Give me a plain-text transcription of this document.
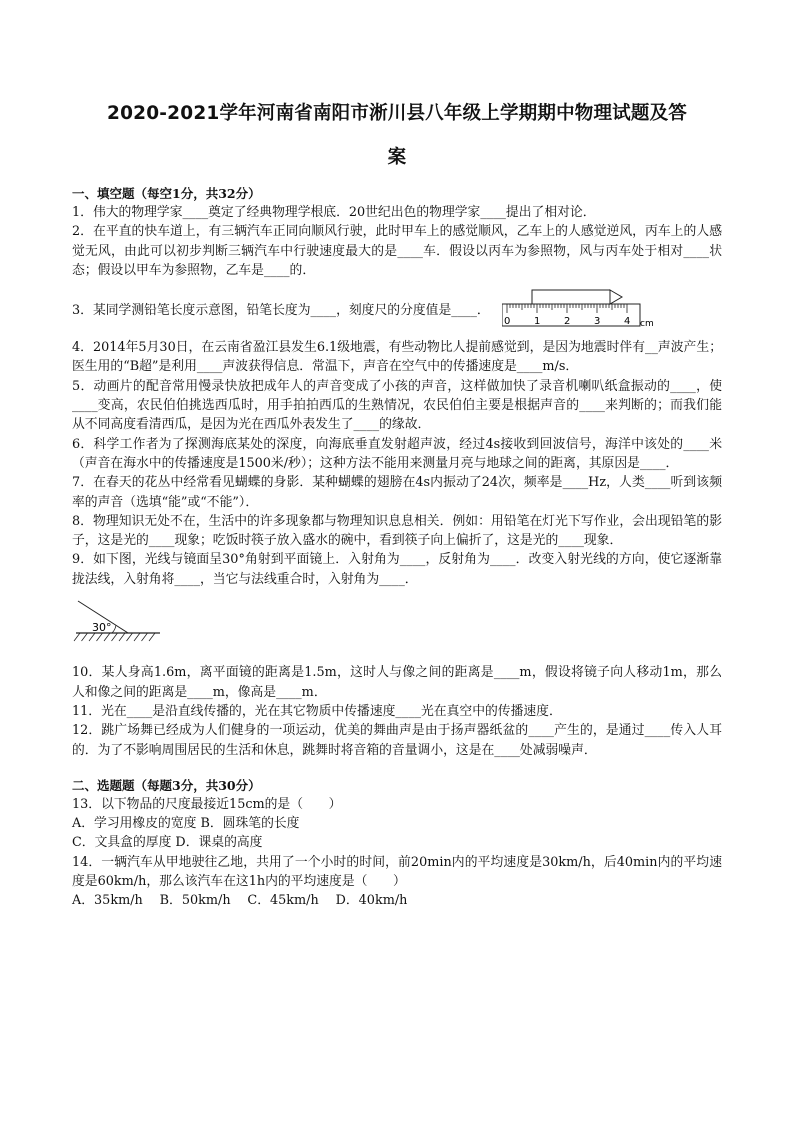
2020-2021学年河南省南阳市淅川县八年级上学期期中物理试题及答
案
一、填空题（每空1分，共32分）

1．伟大的物理学家____奠定了经典物理学根底．20世纪出色的物理学家____提出了相对论．

2．在平直的快车道上，有三辆汽车正同向顺风行驶，此时甲车上的感觉顺风，乙车上的人感觉逆风，丙车上的人感觉无风，由此可以初步判断三辆汽车中行驶速度最大的是____车．假设以丙车为参照物，风与丙车处于相对____状态；假设以甲车为参照物，乙车是____的．

3．某同学测铅笔长度示意图，铅笔长度为____，刻度尺的分度值是____．

0 1 2 3 4 cm

4．2014年5月30日，在云南省盈江县发生6.1级地震，有些动物比人提前感觉到，是因为地震时伴有__声波产生；医生用的“B超”是利用____声波获得信息．常温下，声音在空气中的传播速度是____m/s．

5．动画片的配音常用慢录快放把成年人的声音变成了小孩的声音，这样做加快了录音机喇叭纸盒振动的____，使____变高，农民伯伯挑选西瓜时，用手拍拍西瓜的生熟情况，农民伯伯主要是根据声音的____来判断的；而我们能从不同高度看清西瓜，是因为光在西瓜外表发生了____的缘故．

6．科学工作者为了探测海底某处的深度，向海底垂直发射超声波，经过4s接收到回波信号，海洋中该处的____米（声音在海水中的传播速度是1500米/秒）；这种方法不能用来测量月亮与地球之间的距离，其原因是____．

7．在春天的花丛中经常看见蝴蝶的身影．某种蝴蝶的翅膀在4s内振动了24次，频率是____Hz，人类____听到该频率的声音（选填“能”或“不能”）．

8．物理知识无处不在，生活中的许多现象都与物理知识息息相关．例如：用铅笔在灯光下写作业，会出现铅笔的影子，这是光的____现象；吃饭时筷子放入盛水的碗中，看到筷子向上偏折了，这是光的____现象．

9．如下图，光线与镜面呈30°角射到平面镜上．入射角为____，反射角为____．改变入射光线的方向，使它逐渐靠拢法线，入射角将____，当它与法线重合时，入射角为____．

30°

10．某人身高1.6m，离平面镜的距离是1.5m，这时人与像之间的距离是____m，假设将镜子向人移动1m，那么人和像之间的距离是____m，像高是____m．

11．光在____是沿直线传播的，光在其它物质中传播速度____光在真空中的传播速度．

12．跳广场舞已经成为人们健身的一项运动，优美的舞曲声是由于扬声器纸盆的____产生的，是通过____传入人耳的．为了不影响周围居民的生活和休息，跳舞时将音箱的音量调小，这是在____处减弱噪声．

二、选题题（每题3分，共30分）

13．以下物品的尺度最接近15cm的是（　　）

A．学习用橡皮的宽度 B．圆珠笔的长度

C．文具盒的厚度 D．课桌的高度

14．一辆汽车从甲地驶往乙地，共用了一个小时的时间，前20min内的平均速度是30km/h，后40min内的平均速度是60km/h，那么该汽车在这1h内的平均速度是（　　）

A．35km/h　 B．50km/h　 C．45km/h　 D．40km/h
